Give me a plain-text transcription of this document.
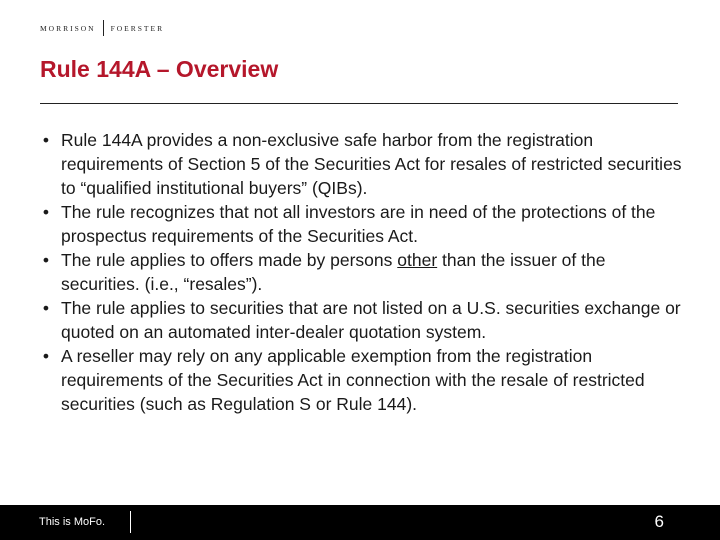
MORRISON FOERSTER
Rule 144A – Overview
• Rule 144A provides a non-exclusive safe harbor from the registration requirements of Section 5 of the Securities Act for resales of restricted securities to “qualified institutional buyers” (QIBs).
• The rule recognizes that not all investors are in need of the protections of the prospectus requirements of the Securities Act.
• The rule applies to offers made by persons other than the issuer of the securities. (i.e., “resales”).
• The rule applies to securities that are not listed on a U.S. securities exchange or quoted on an automated inter-dealer quotation system.
• A reseller may rely on any applicable exemption from the registration requirements of the Securities Act in connection with the resale of restricted securities (such as Regulation S or Rule 144).
This is MoFo.	6
